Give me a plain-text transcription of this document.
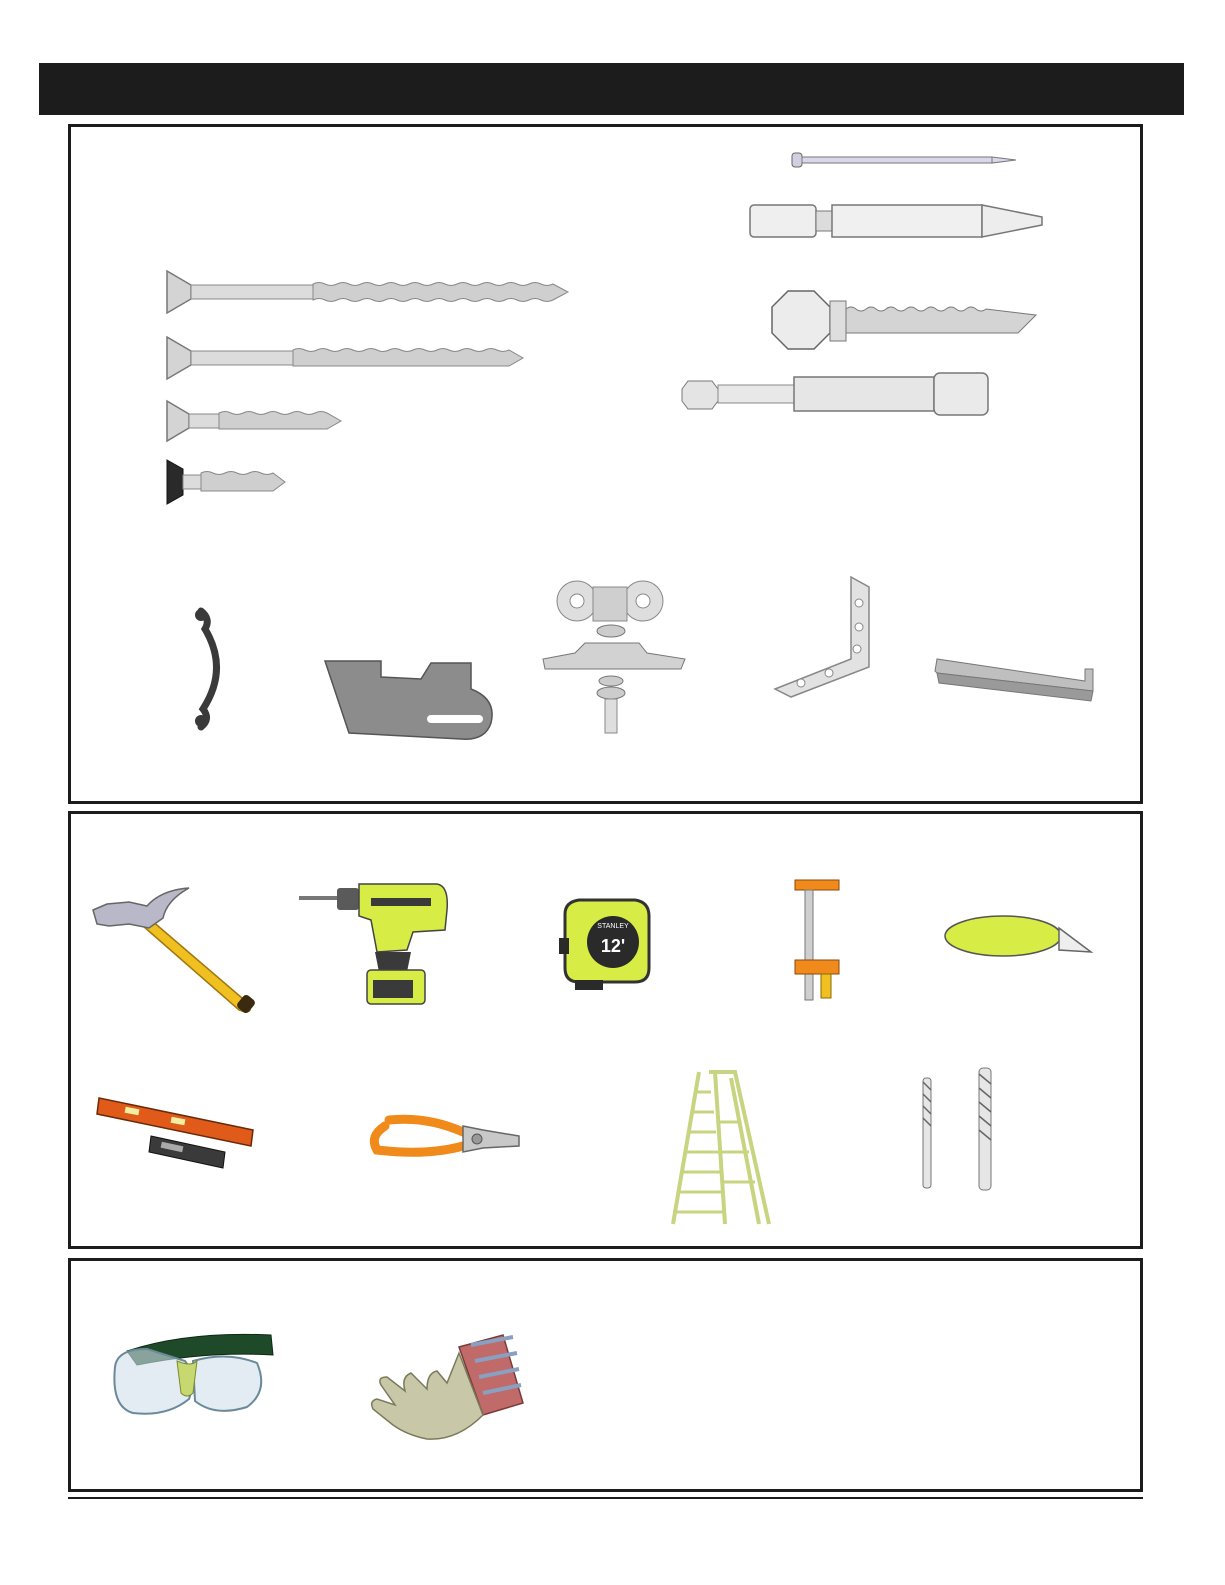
STANLEY
12'
